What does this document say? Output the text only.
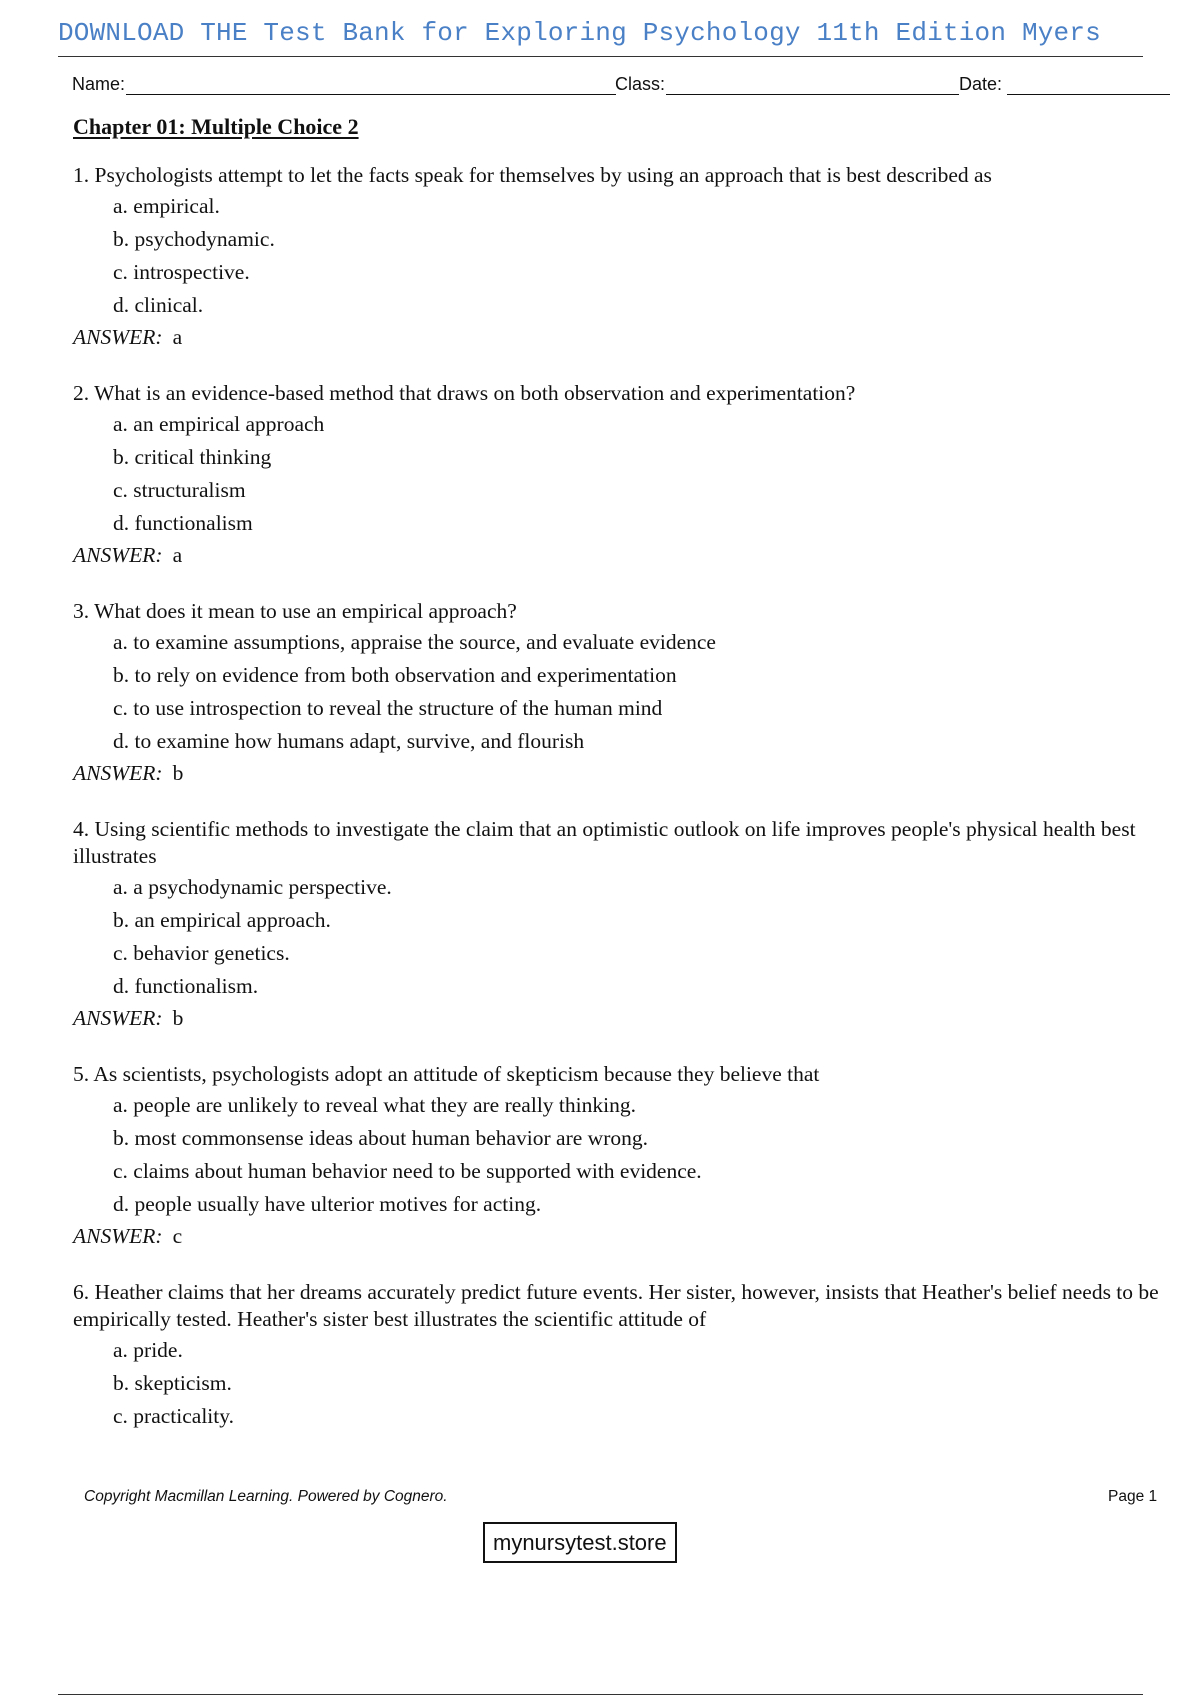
DOWNLOAD THE Test Bank for Exploring Psychology 11th Edition Myers
Name:	Class:	Date:
Chapter 01: Multiple Choice 2
1. Psychologists attempt to let the facts speak for themselves by using an approach that is best described as
a. empirical.
b. psychodynamic.
c. introspective.
d. clinical.
ANSWER: a
2. What is an evidence-based method that draws on both observation and experimentation?
a. an empirical approach
b. critical thinking
c. structuralism
d. functionalism
ANSWER: a
3. What does it mean to use an empirical approach?
a. to examine assumptions, appraise the source, and evaluate evidence
b. to rely on evidence from both observation and experimentation
c. to use introspection to reveal the structure of the human mind
d. to examine how humans adapt, survive, and flourish
ANSWER: b
4. Using scientific methods to investigate the claim that an optimistic outlook on life improves people's physical health best illustrates
a. a psychodynamic perspective.
b. an empirical approach.
c. behavior genetics.
d. functionalism.
ANSWER: b
5. As scientists, psychologists adopt an attitude of skepticism because they believe that
a. people are unlikely to reveal what they are really thinking.
b. most commonsense ideas about human behavior are wrong.
c. claims about human behavior need to be supported with evidence.
d. people usually have ulterior motives for acting.
ANSWER: c
6. Heather claims that her dreams accurately predict future events. Her sister, however, insists that Heather's belief needs to be empirically tested. Heather's sister best illustrates the scientific attitude of
a. pride.
b. skepticism.
c. practicality.
Copyright Macmillan Learning. Powered by Cognero.	Page 1
mynursytest.store
